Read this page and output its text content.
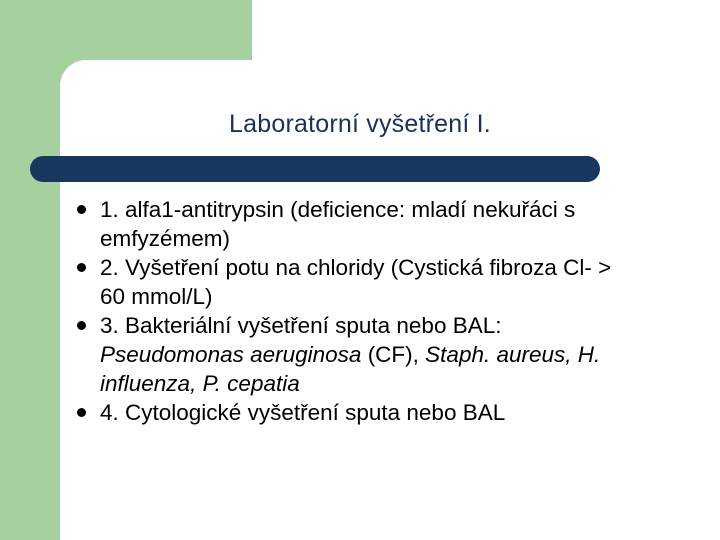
Laboratorní vyšetření I.
1. alfa1-antitrypsin (deficience: mladí nekuřáci s emfyzémem)
2. Vyšetření potu na chloridy (Cystická fibroza Cl- > 60 mmol/L)
3. Bakteriální vyšetření sputa nebo BAL: Pseudomonas aeruginosa (CF), Staph. aureus, H. influenza, P. cepatia
4. Cytologické vyšetření sputa nebo BAL
